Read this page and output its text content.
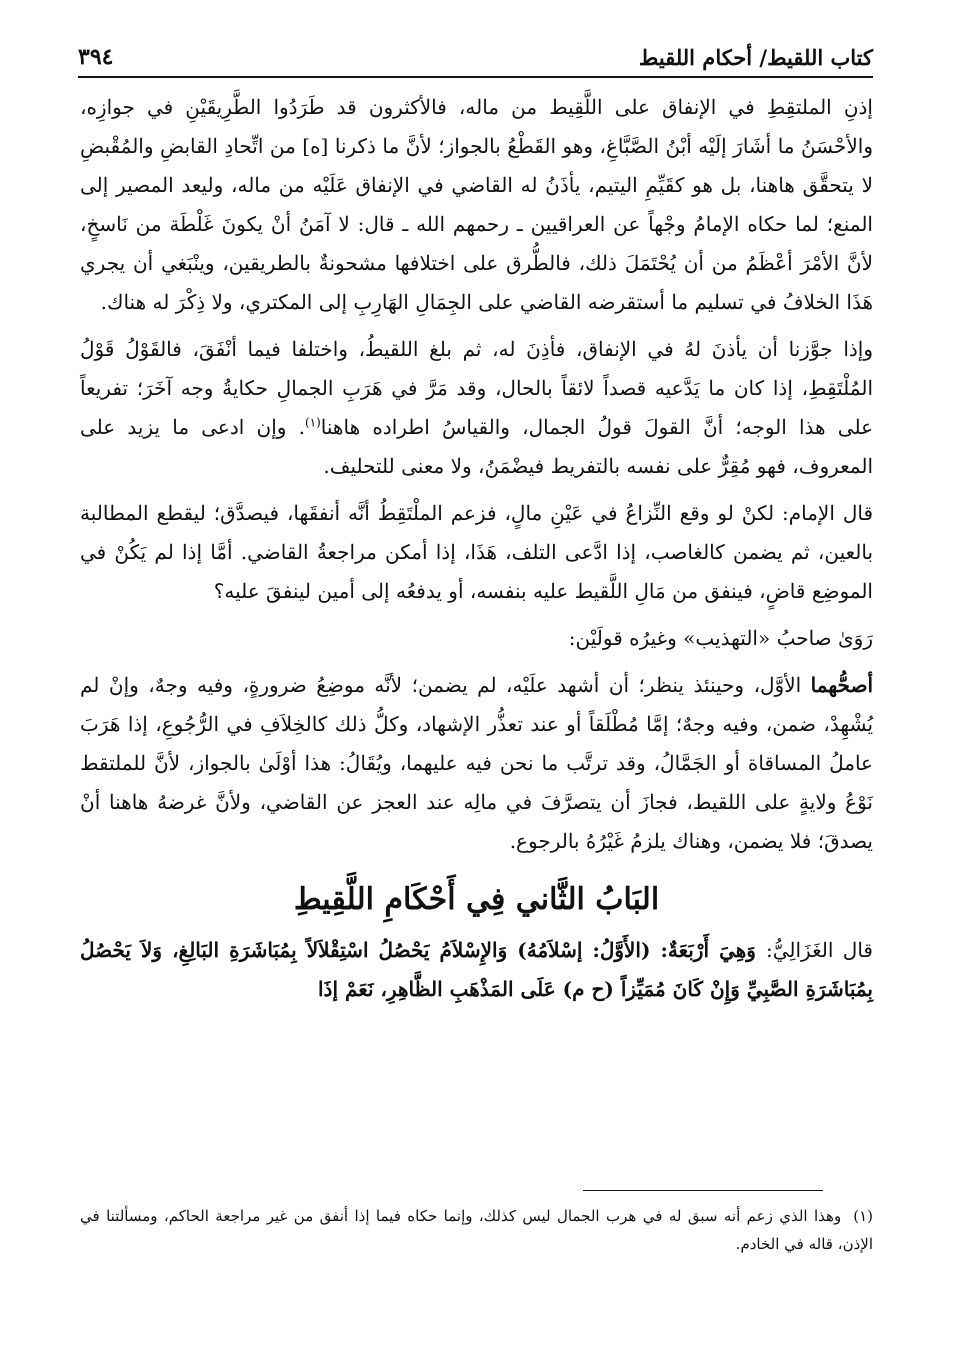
كتاب اللقيط/ أحكام اللقيط
٣٩٤

إذنِ الملتقِطِ في الإنفاق على اللَّقِيط من ماله، فالأكثرون قد طَرَدُوا الطَّرِيقَيْنِ في جوازِه، والأحْسَنُ ما أشَارَ إلَيْه أبْنُ الصَّبَّاغِ، وهو القَطْعُ بالجواز؛ لأنَّ ما ذكرنا [ه] من اتِّحادِ القابضِ والمُقْبضِ لا يتحقَّق هاهنا، بل هو كقَيِّمِ اليتيم، يأذَنُ له القاضي في الإنفاق عَلَيْه من ماله، وليعد المصير إلى المنع؛ لما حكاه الإمامُ وجْهاً عن العراقيين ـ رحمهم الله ـ قال: لا آمَنُ أنْ يكونَ غَلْطَة من نَاسخٍ، لأنَّ الأمْرَ أعْظَمُ من أن يُحْتَمَلَ ذلك، فالطُّرق على اختلافها مشحونةٌ بالطريقين، وينْبَغي أن يجري هَذَا الخلافُ في تسليم ما أستقرضه القاضي على الجِمَالِ الهَارِبِ إلى المكتري، ولا ذِكْرَ له هناك.

وإذا جوَّزنا أن يأذنَ لهُ في الإنفاق، فأذِنَ له، ثم بلغ اللقيطُ، واختلفا فيما أنْفَقَ، فالقَوْلُ قَوْلُ المُلْتَقِطِ، إذا كان ما يَدَّعيه قصداً لائقاً بالحال، وقد مَرَّ في هَرَبِ الجمالِ حكايةُ وجه آخَرَ؛ تفريعاً على هذا الوجه؛ أنَّ القولَ قولُ الجمال، والقياسُ اطراده هاهنا$^{(١)}$. وإن ادعى ما يزيد على المعروف، فهو مُقِرٌّ على نفسه بالتفريط فيضْمَنُ، ولا معنى للتحليف.

قال الإمام: لكنْ لو وقع النِّزاعُ في عَيْنِ مالٍ، فزعم الملْتَقِطُ أنَّه أنفقَها، فيصدَّق؛ ليقطع المطالبة بالعين، ثم يضمن كالغاصب، إذا ادَّعى التلف، هَذَا، إذا أمكن مراجعةُ القاضي. أمَّا إذا لم يَكُنْ في الموضِع قاضٍ، فينفق من مَالِ اللَّقيط عليه بنفسه، أو يدفعُه إلى أمين لينفقَ عليه؟

رَوَىٰ صاحبُ «التهذيب» وغيرُه قولَيْن:

أصحُّهما الأوَّل، وحينئذ ينظر؛ أن أشهد علَيْه، لم يضمن؛ لأنَّه موضِعُ ضرورةٍ، وفيه وجهٌ، وإنْ لم يُشْهِدْ، ضمن، وفيه وجهٌ؛ إمَّا مُطْلَقاً أو عند تعذُّر الإشهاد، وكلُّ ذلك كالخِلاَفِ في الرُّجُوعِ، إذا هَرَبَ عاملُ المساقاة أو الجَمَّالُ، وقد ترتَّب ما نحن فيه عليهما، ويُقَالُ: هذا أوْلَىٰ بالجواز، لأنَّ للملتقط نَوْعُ ولايةٍ على اللقيط، فجازَ أن يتصرَّفَ في مالِه عند العجز عن القاضي، ولأنَّ غرضهُ هاهنا أنْ يصدقَ؛ فلا يضمن، وهناك يلزمُ غَيْرُهُ بالرجوع.

البَابُ الثَّاني فِي أَحْكَامِ اللَّقِيطِ

قال الغَزَالِيُّ: وَهِيَ أَرْبَعَةٌ: (الأَوَّلُ: إسْلاَمُهُ) وَالإِسْلاَمُ يَحْصُلُ اسْتِقْلاَلاً بِمُبَاشَرَةِ البَالِغِ، وَلاَ يَحْصُلُ بِمُبَاشَرَةِ الصَّبِيِّ وَإِنْ كَانَ مُمَيِّزاً (ح م) عَلَى المَذْهَبِ الظَّاهِرِ، نَعَمْ إذَا

(١)وهذا الذي زعم أنه سبق له في هرب الجمال ليس كذلك، وإنما حكاه فيما إذا أنفق من غير مراجعة الحاكم، ومسألتنا في الإذن، قاله في الخادم.
